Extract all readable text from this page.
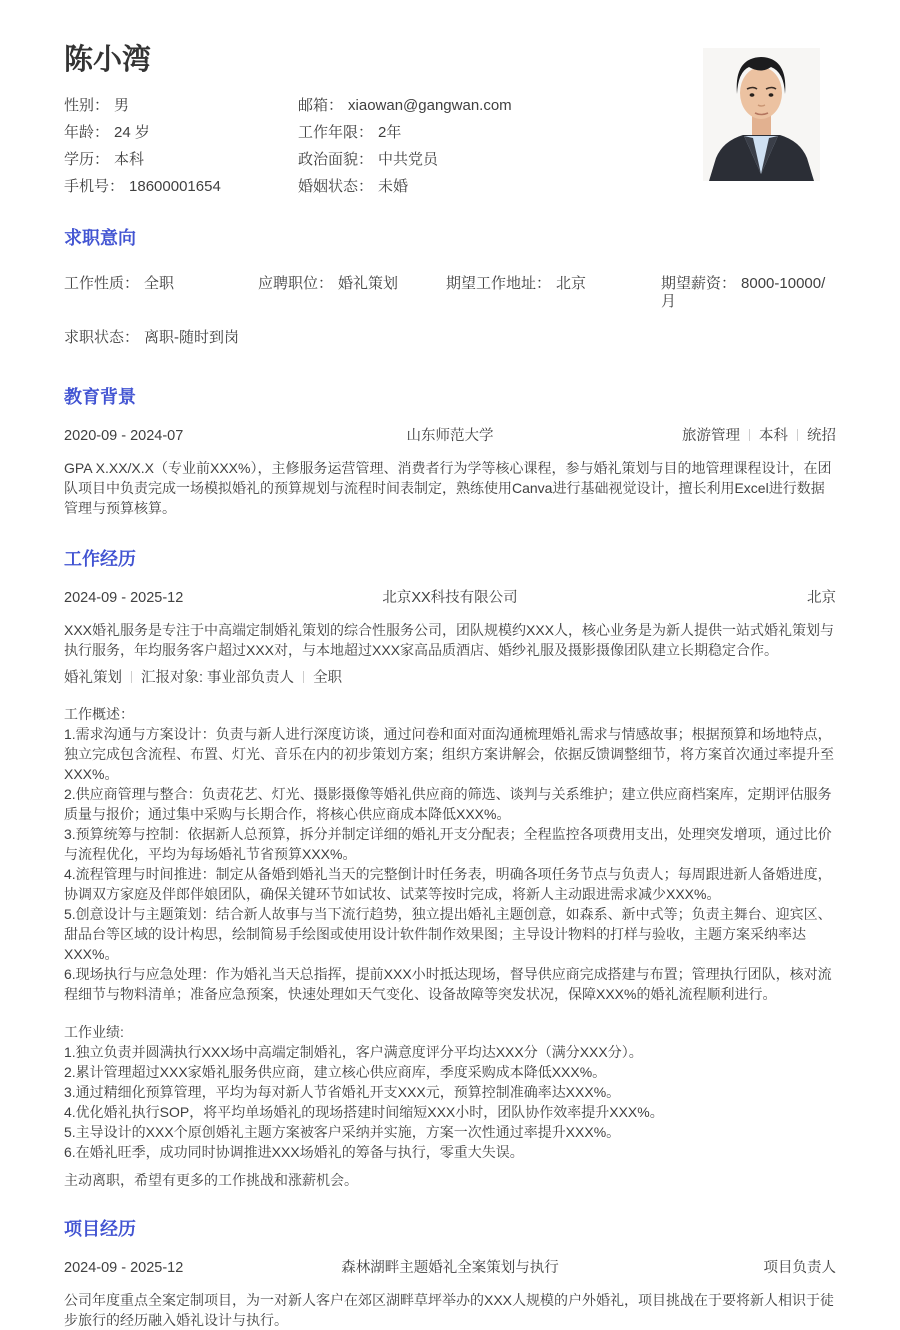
陈小湾
性别： 男	邮箱： xiaowan@gangwan.com
年龄： 24 岁	工作年限： 2年
学历： 本科	政治面貌： 中共党员
手机号： 18600001654	婚姻状态： 未婚
求职意向
工作性质： 全职	应聘职位： 婚礼策划	期望工作地址： 北京	期望薪资： 8000-10000/月
求职状态： 离职-随时到岗
教育背景
2020-09 - 2024-07	山东师范大学	旅游管理 本科 统招
GPA X.XX/X.X（专业前XXX%），主修服务运营管理、消费者行为学等核心课程，参与婚礼策划与目的地管理课程设计，在团队项目中负责完成一场模拟婚礼的预算规划与流程时间表制定，熟练使用Canva进行基础视觉设计，擅长利用Excel进行数据管理与预算核算。
工作经历
2024-09 - 2025-12	北京XX科技有限公司	北京
XXX婚礼服务是专注于中高端定制婚礼策划的综合性服务公司，团队规模约XXX人，核心业务是为新人提供一站式婚礼策划与执行服务，年均服务客户超过XXX对，与本地超过XXX家高品质酒店、婚纱礼服及摄影摄像团队建立长期稳定合作。
婚礼策划 汇报对象: 事业部负责人 全职
工作概述：
1.需求沟通与方案设计：负责与新人进行深度访谈，通过问卷和面对面沟通梳理婚礼需求与情感故事；根据预算和场地特点，独立完成包含流程、布置、灯光、音乐在内的初步策划方案；组织方案讲解会，依据反馈调整细节，将方案首次通过率提升至XXX%。
2.供应商管理与整合：负责花艺、灯光、摄影摄像等婚礼供应商的筛选、谈判与关系维护；建立供应商档案库，定期评估服务质量与报价；通过集中采购与长期合作，将核心供应商成本降低XXX%。
3.预算统筹与控制：依据新人总预算，拆分并制定详细的婚礼开支分配表；全程监控各项费用支出，处理突发增项，通过比价与流程优化，平均为每场婚礼节省预算XXX%。
4.流程管理与时间推进：制定从备婚到婚礼当天的完整倒计时任务表，明确各项任务节点与负责人；每周跟进新人备婚进度，协调双方家庭及伴郎伴娘团队，确保关键环节如试妆、试菜等按时完成，将新人主动跟进需求减少XXX%。
5.创意设计与主题策划：结合新人故事与当下流行趋势，独立提出婚礼主题创意，如森系、新中式等；负责主舞台、迎宾区、甜品台等区域的设计构思，绘制简易手绘图或使用设计软件制作效果图；主导设计物料的打样与验收，主题方案采纳率达XXX%。
6.现场执行与应急处理：作为婚礼当天总指挥，提前XXX小时抵达现场，督导供应商完成搭建与布置；管理执行团队，核对流程细节与物料清单；准备应急预案，快速处理如天气变化、设备故障等突发状况，保障XXX%的婚礼流程顺利进行。
工作业绩:
1.独立负责并圆满执行XXX场中高端定制婚礼，客户满意度评分平均达XXX分（满分XXX分）。
2.累计管理超过XXX家婚礼服务供应商，建立核心供应商库，季度采购成本降低XXX%。
3.通过精细化预算管理，平均为每对新人节省婚礼开支XXX元，预算控制准确率达XXX%。
4.优化婚礼执行SOP，将平均单场婚礼的现场搭建时间缩短XXX小时，团队协作效率提升XXX%。
5.主导设计的XXX个原创婚礼主题方案被客户采纳并实施，方案一次性通过率提升XXX%。
6.在婚礼旺季，成功同时协调推进XXX场婚礼的筹备与执行，零重大失误。
主动离职，希望有更多的工作挑战和涨薪机会。
项目经历
2024-09 - 2025-12	森林湖畔主题婚礼全案策划与执行	项目负责人
公司年度重点全案定制项目，为一对新人客户在郊区湖畔草坪举办的XXX人规模的户外婚礼，项目挑战在于要将新人相识于徒步旅行的经历融入婚礼设计与执行。
